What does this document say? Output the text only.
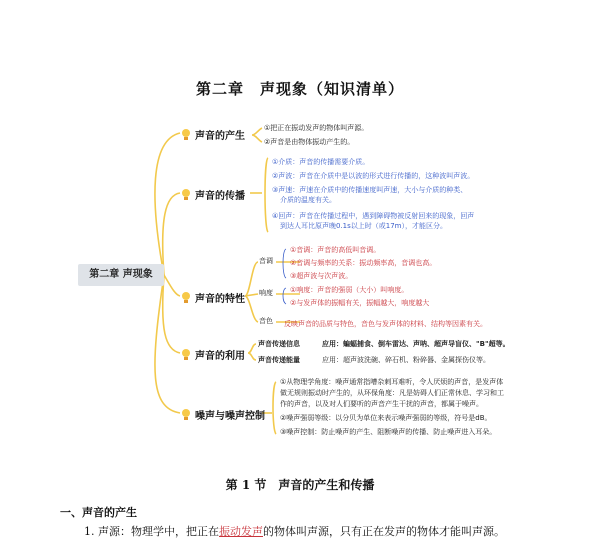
第二章　声现象（知识清单）
第二章 声现象
声音的产生
①把正在振动发声的物体叫声源。
②声音是由物体振动产生的。
声音的传播
①介质：声音的传播需要介质。
②声波：声音在介质中是以波的形式进行传播的，这种波叫声波。
③声速：声速在介质中的传播速度叫声速，大小与介质的种类、
介质的温度有关。
④回声：声音在传播过程中，遇到障碍物被反射回来的现象，回声
到达人耳比原声晚0.1s以上时（或17m），才能区分。
声音的特性
音调
响度
音色
①音调：声音的高低叫音调。
②音调与频率的关系：振动频率高，音调也高。
③超声波与次声波。
①响度：声音的强弱（大小）叫响度。
②与发声体的振幅有关，振幅越大，响度越大
反映声音的品质与特色，音色与发声体的材料、结构等因素有关。
声音的利用
声音传递信息	应用：蝙蝠捕食、倒车雷达、声呐、超声导盲仪、"B"超等。
声音传递能量	应用：超声波洗碗、碎石机、粉碎器、金属探伤仪等。
噪声与噪声控制
①从物理学角度：噪声通常指嘈杂刺耳难听，令人厌烦的声音，是发声体
做无规则振动时产生的，从环保角度：凡是妨碍人们正常休息、学习和工
作的声音，以及对人们要听的声音产生干扰的声音，都属于噪声。
②噪声强弱等级：以分贝为单位来表示噪声强弱的等级，符号是dB。
③噪声控制：防止噪声的产生、阻断噪声的传播、防止噪声进入耳朵。
第 1 节　声音的产生和传播
一、声音的产生
1. 声源：物理学中，把正在振动发声的物体叫声源，只有正在发声的物体才能叫声源。
